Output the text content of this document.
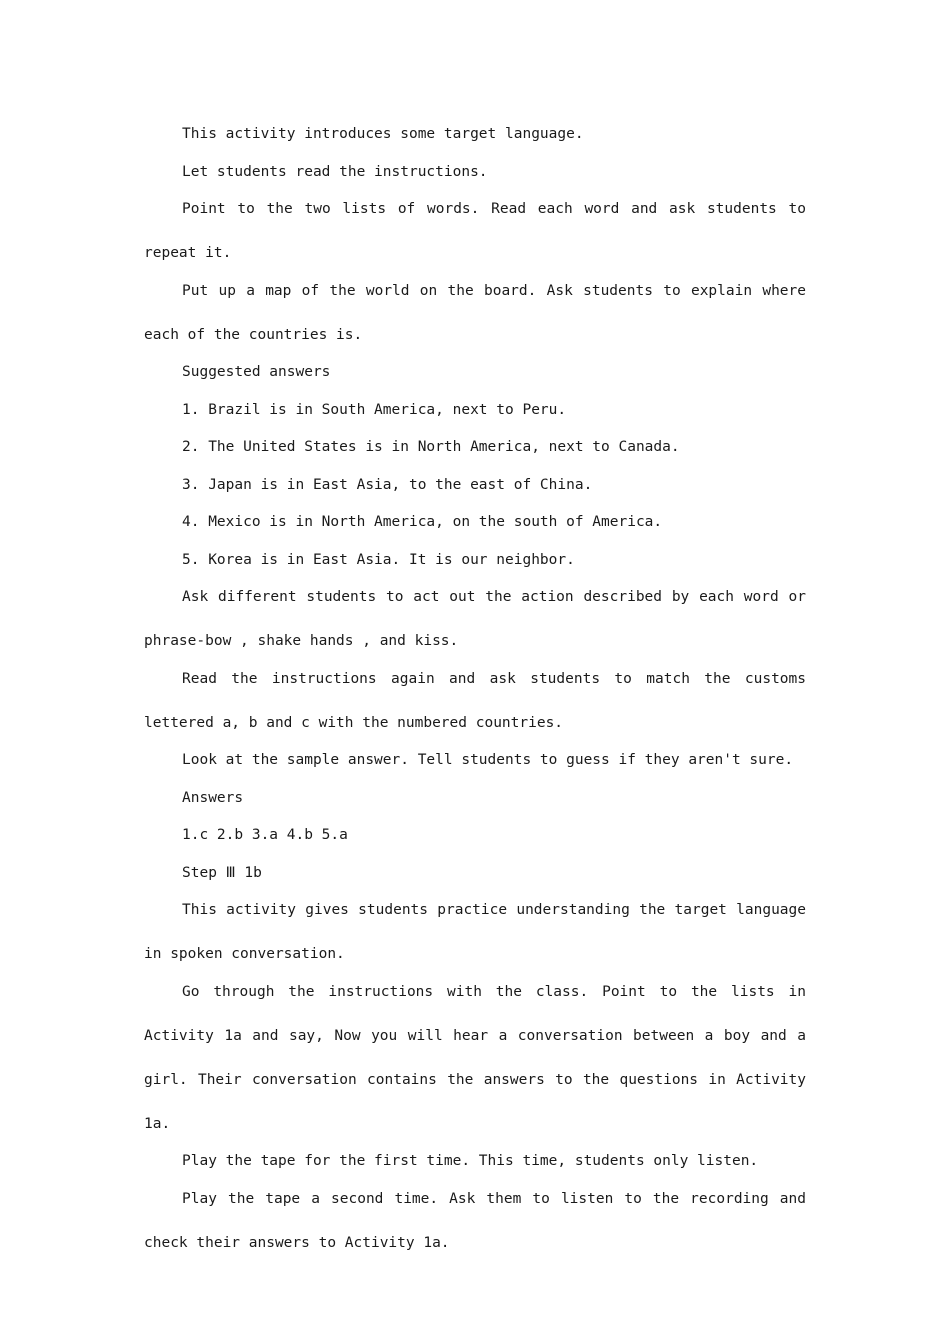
This activity introduces some target language.

Let students read the instructions.

Point to the two lists of words. Read each word and ask students to repeat it.

Put up a map of the world on the board. Ask students to explain where each of the countries is.

Suggested answers

1. Brazil is in South America, next to Peru.

2. The United States is in North America, next to Canada.

3. Japan is in East Asia, to the east of China.

4. Mexico is in North America, on the south of America.

5. Korea is in East Asia. It is our neighbor.

Ask different students to act out the action described by each word or phrase-bow , shake hands , and kiss.

Read the instructions again and ask students to match the customs lettered a, b and c with the numbered countries.

Look at the sample answer. Tell students to guess if they aren't sure.

Answers

1.c 2.b 3.a 4.b 5.a

Step Ⅲ 1b

This activity gives students practice understanding the target language in spoken conversation.

Go through the instructions with the class. Point to the lists in Activity 1a and say, Now you will hear a conversation between a boy and a girl. Their conversation contains the answers to the questions in Activity 1a.

Play the tape for the first time. This time, students only listen.

Play the tape a second time. Ask them to listen to the recording and check their answers to Activity 1a.
